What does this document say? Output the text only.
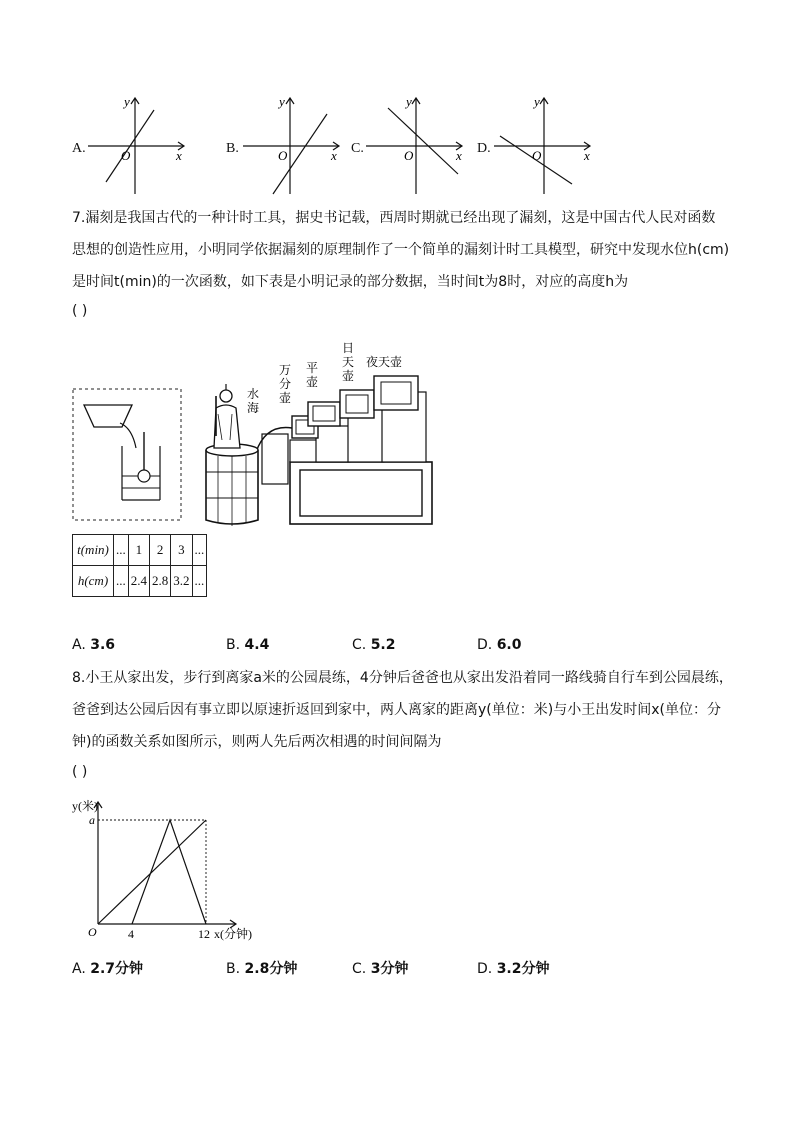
A.
y
O	x	B.
y
O	x C.
y
O	x D.
y
O	x
7.漏刻是我国古代的一种计时工具，据史书记载，西周时期就已经出现了漏刻，这是中国古代人民对函数
思想的创造性应用，小明同学依据漏刻的原理制作了一个简单的漏刻计时工具模型，研究中发现水位h(cm)
是时间t(min)的一次函数，如下表是小明记录的部分数据，当时间t为8时，对应的高度h为
( )
水
海
万
分
壶
平
壶
日
天
壶
夜天壶
t(min)	...	1	2	3	...
h(cm)	...	2.4	2.8	3.2	...
A. 3.6	B. 4.4	C. 5.2	D. 6.0
8.小王从家出发，步行到离家a米的公园晨练，4分钟后爸爸也从家出发沿着同一路线骑自行车到公园晨练，
爸爸到达公园后因有事立即以原速折返回到家中，两人离家的距离y(单位：米)与小王出发时间x(单位：分
钟)的函数关系如图所示，则两人先后两次相遇的时间间隔为
( )
y(米)
a
O	4	12 x(分钟)
A. 2.7分钟	B. 2.8分钟	C. 3分钟	D. 3.2分钟
